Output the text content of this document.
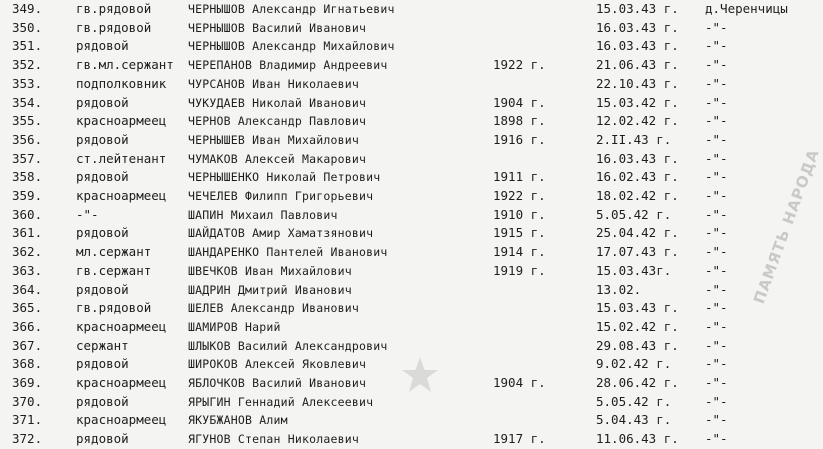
349.	гв.рядовой	ЧЕРНЫШОВ Александр Игнатьевич	15.03.43 г. д.Черенчицы
350.	гв.рядовой	ЧЕРНЫШОВ Василий Иванович	16.03.43 г. -"-
351.	рядовой	ЧЕРНЫШОВ Александр Михайлович	16.03.43 г. -"-
352.	гв.мл.сержант ЧЕРЕПАНОВ Владимир Андреевич	1922 г.	21.06.43 г. -"-
353.	подполковник ЧУРСАНОВ Иван Николаевич	22.10.43 г. -"-
354.	рядовой	ЧУКУДАЕВ Николай Иванович	1904 г.	15.03.42 г. -"-
355.	красноармеец ЧЕРНОВ Александр Павлович	1898 г.	12.02.42 г. -"-
356.	рядовой	ЧЕРНЫШЕВ Иван Михайлович	1916 г.	2.II.43 г.	-"-
357.	ст.лейтенант ЧУМАКОВ Алексей Макарович	16.03.43 г. -"-
358.	рядовой	ЧЕРНЫШЕНКО Николай Петрович	1911 г.	16.02.43 г. -"-
359.	красноармеец ЧЕЧЕЛЕВ Филипп Григорьевич	1922 г.	18.02.42 г. -"-
360.	-"-	ШАПИН Михаил Павлович	1910 г.	5.05.42 г.	-"-
361.	рядовой	ШАЙДАТОВ Амир Хаматзянович	1915 г.	25.04.42 г. -"-
362.	мл.сержант	ШАНДАРЕНКО Пантелей Иванович	1914 г.	17.07.43 г. -"-
363.	гв.сержант	ШВЕЧКОВ Иван Михайлович	1919 г.	15.03.43г.	-"-
364.	рядовой	ШАДРИН Дмитрий Иванович	13.02.	-"-
365.	гв.рядовой	ШЕЛЕВ Александр Иванович	15.03.43 г. -"-
366.	красноармеец ШАМИРОВ Нарий	15.02.42 г. -"-
367.	сержант	ШЛЫКОВ Василий Александрович	29.08.43 г. -"-
368.	рядовой	ШИРОКОВ Алексей Яковлевич	9.02.42 г.	-"-
369.	красноармеец ЯБЛОЧКОВ Василий Иванович	1904 г.	28.06.42 г. -"-
370.	рядовой	ЯРЫГИН Геннадий Алексеевич	5.05.42 г.	-"-
371.	красноармеец ЯКУБЖАНОВ Алим	5.04.43 г.	-"-
372.	рядовой	ЯГУНОВ Степан Николаевич	1917 г.	11.06.43 г. -"-
ПАМЯТЬ НАРОДА
